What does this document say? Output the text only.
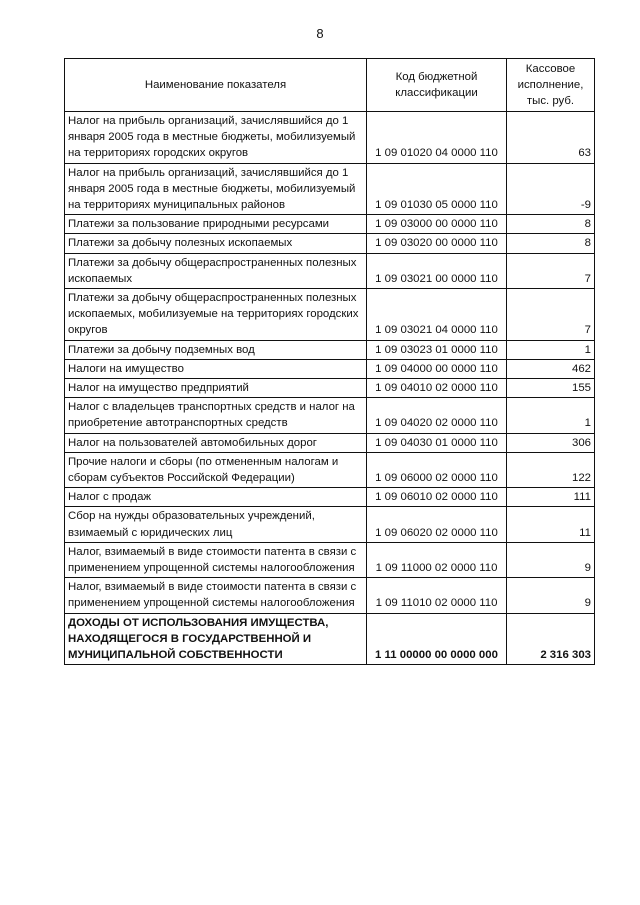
8
Наименование показателя	Код бюджетной классификации	Кассовое исполнение, тыс. руб.
Налог на прибыль организаций, зачислявшийся до 1 января 2005 года в местные бюджеты, мобилизуемый на территориях городских округов	1 09 01020 04 0000 110	63
Налог на прибыль организаций, зачислявшийся до 1 января 2005 года в местные бюджеты, мобилизуемый на территориях муниципальных районов	1 09 01030 05 0000 110	-9
Платежи за пользование природными ресурсами	1 09 03000 00 0000 110	8
Платежи за добычу полезных ископаемых	1 09 03020 00 0000 110	8
Платежи за добычу общераспространенных полезных ископаемых	1 09 03021 00 0000 110	7
Платежи за добычу общераспространенных полезных ископаемых, мобилизуемые на территориях городских округов	1 09 03021 04 0000 110	7
Платежи за добычу подземных вод	1 09 03023 01 0000 110	1
Налоги на имущество	1 09 04000 00 0000 110	462
Налог на имущество предприятий	1 09 04010 02 0000 110	155
Налог с владельцев транспортных средств и налог на приобретение автотранспортных средств	1 09 04020 02 0000 110	1
Налог на пользователей автомобильных дорог	1 09 04030 01 0000 110	306
Прочие налоги и сборы (по отмененным налогам и сборам субъектов Российской Федерации)	1 09 06000 02 0000 110	122
Налог с продаж	1 09 06010 02 0000 110	111
Сбор на нужды образовательных учреждений, взимаемый с юридических лиц	1 09 06020 02 0000 110	11
Налог, взимаемый в виде стоимости патента в связи с применением упрощенной системы налогообложения	1 09 11000 02 0000 110	9
Налог, взимаемый в виде стоимости патента в связи с применением упрощенной системы налогообложения	1 09 11010 02 0000 110	9
ДОХОДЫ ОТ ИСПОЛЬЗОВАНИЯ ИМУЩЕСТВА, НАХОДЯЩЕГОСЯ В ГОСУДАРСТВЕННОЙ И МУНИЦИПАЛЬНОЙ СОБСТВЕННОСТИ	1 11 00000 00 0000 000	2 316 303
